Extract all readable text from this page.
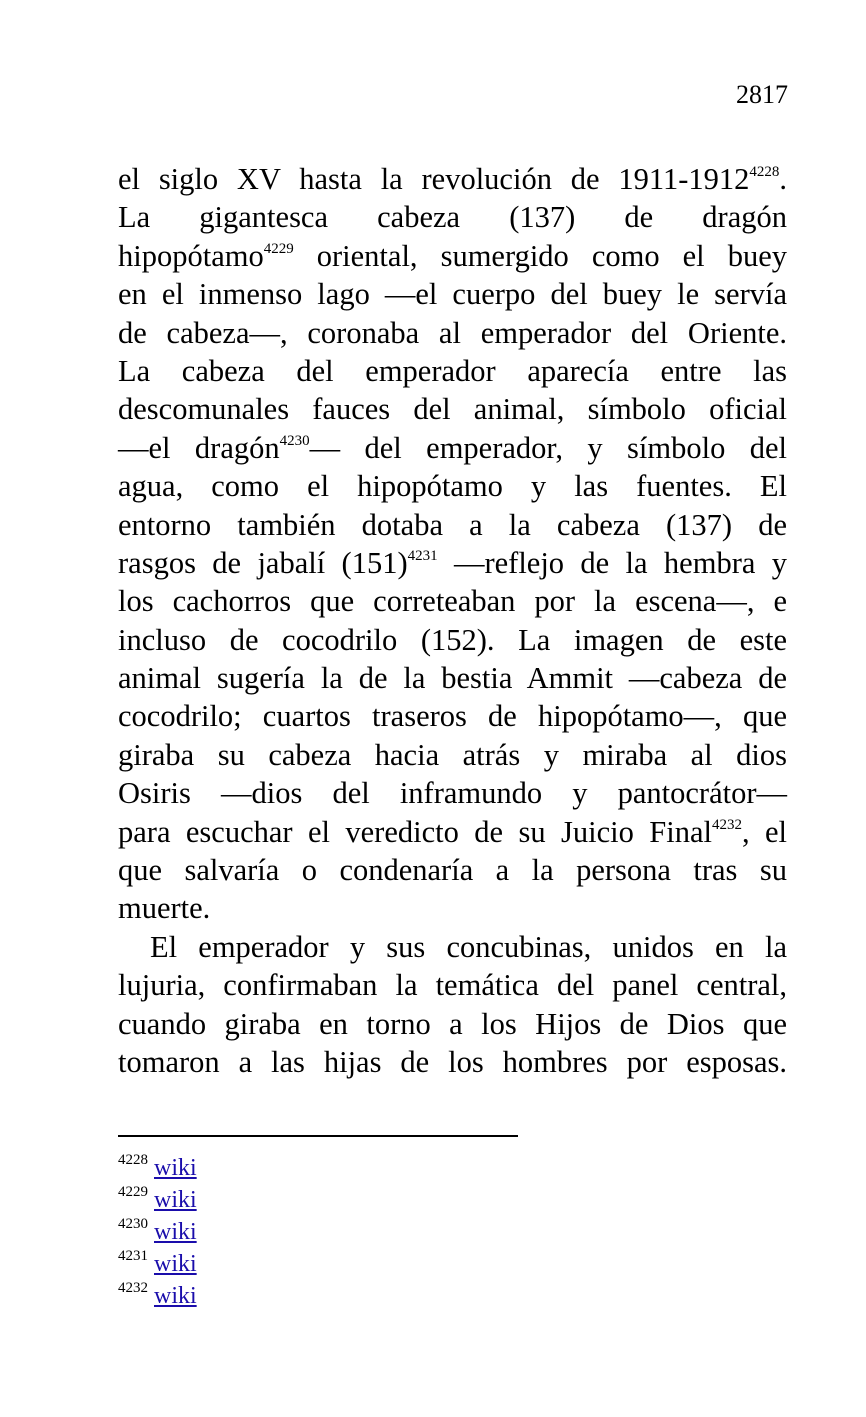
2817
el siglo XV hasta la revolución de $1911-1912^{4228}$.
La gigantesca cabeza (137) de dragón
hipopótamo$^{4229}$ oriental, sumergido como el buey
en el inmenso lago —el cuerpo del buey le servía
de cabeza—, coronaba al emperador del Oriente.
La cabeza del emperador aparecía entre las
descomunales fauces del animal, símbolo oficial
—el dragón$^{4230}$— del emperador, y símbolo del
agua, como el hipopótamo y las fuentes. El
entorno también dotaba a la cabeza (137) de
rasgos de jabalí $(151)^{4231}$ —reflejo de la hembra y
los cachorros que correteaban por la escena—, e
incluso de cocodrilo (152). La imagen de este
animal sugería la de la bestia Ammit —cabeza de
cocodrilo; cuartos traseros de hipopótamo—, que
giraba su cabeza hacia atrás y miraba al dios
Osiris —dios del inframundo y pantocrátor—
para escuchar el veredicto de su Juicio Final$^{4232}$, el
que salvaría o condenaría a la persona tras su
muerte.
El emperador y sus concubinas, unidos en la
lujuria, confirmaban la temática del panel central,
cuando giraba en torno a los Hijos de Dios que
tomaron a las hijas de los hombres por esposas.
$^{4228}$ wiki
$^{4229}$ wiki
$^{4230}$ wiki
$^{4231}$ wiki
$^{4232}$ wiki
